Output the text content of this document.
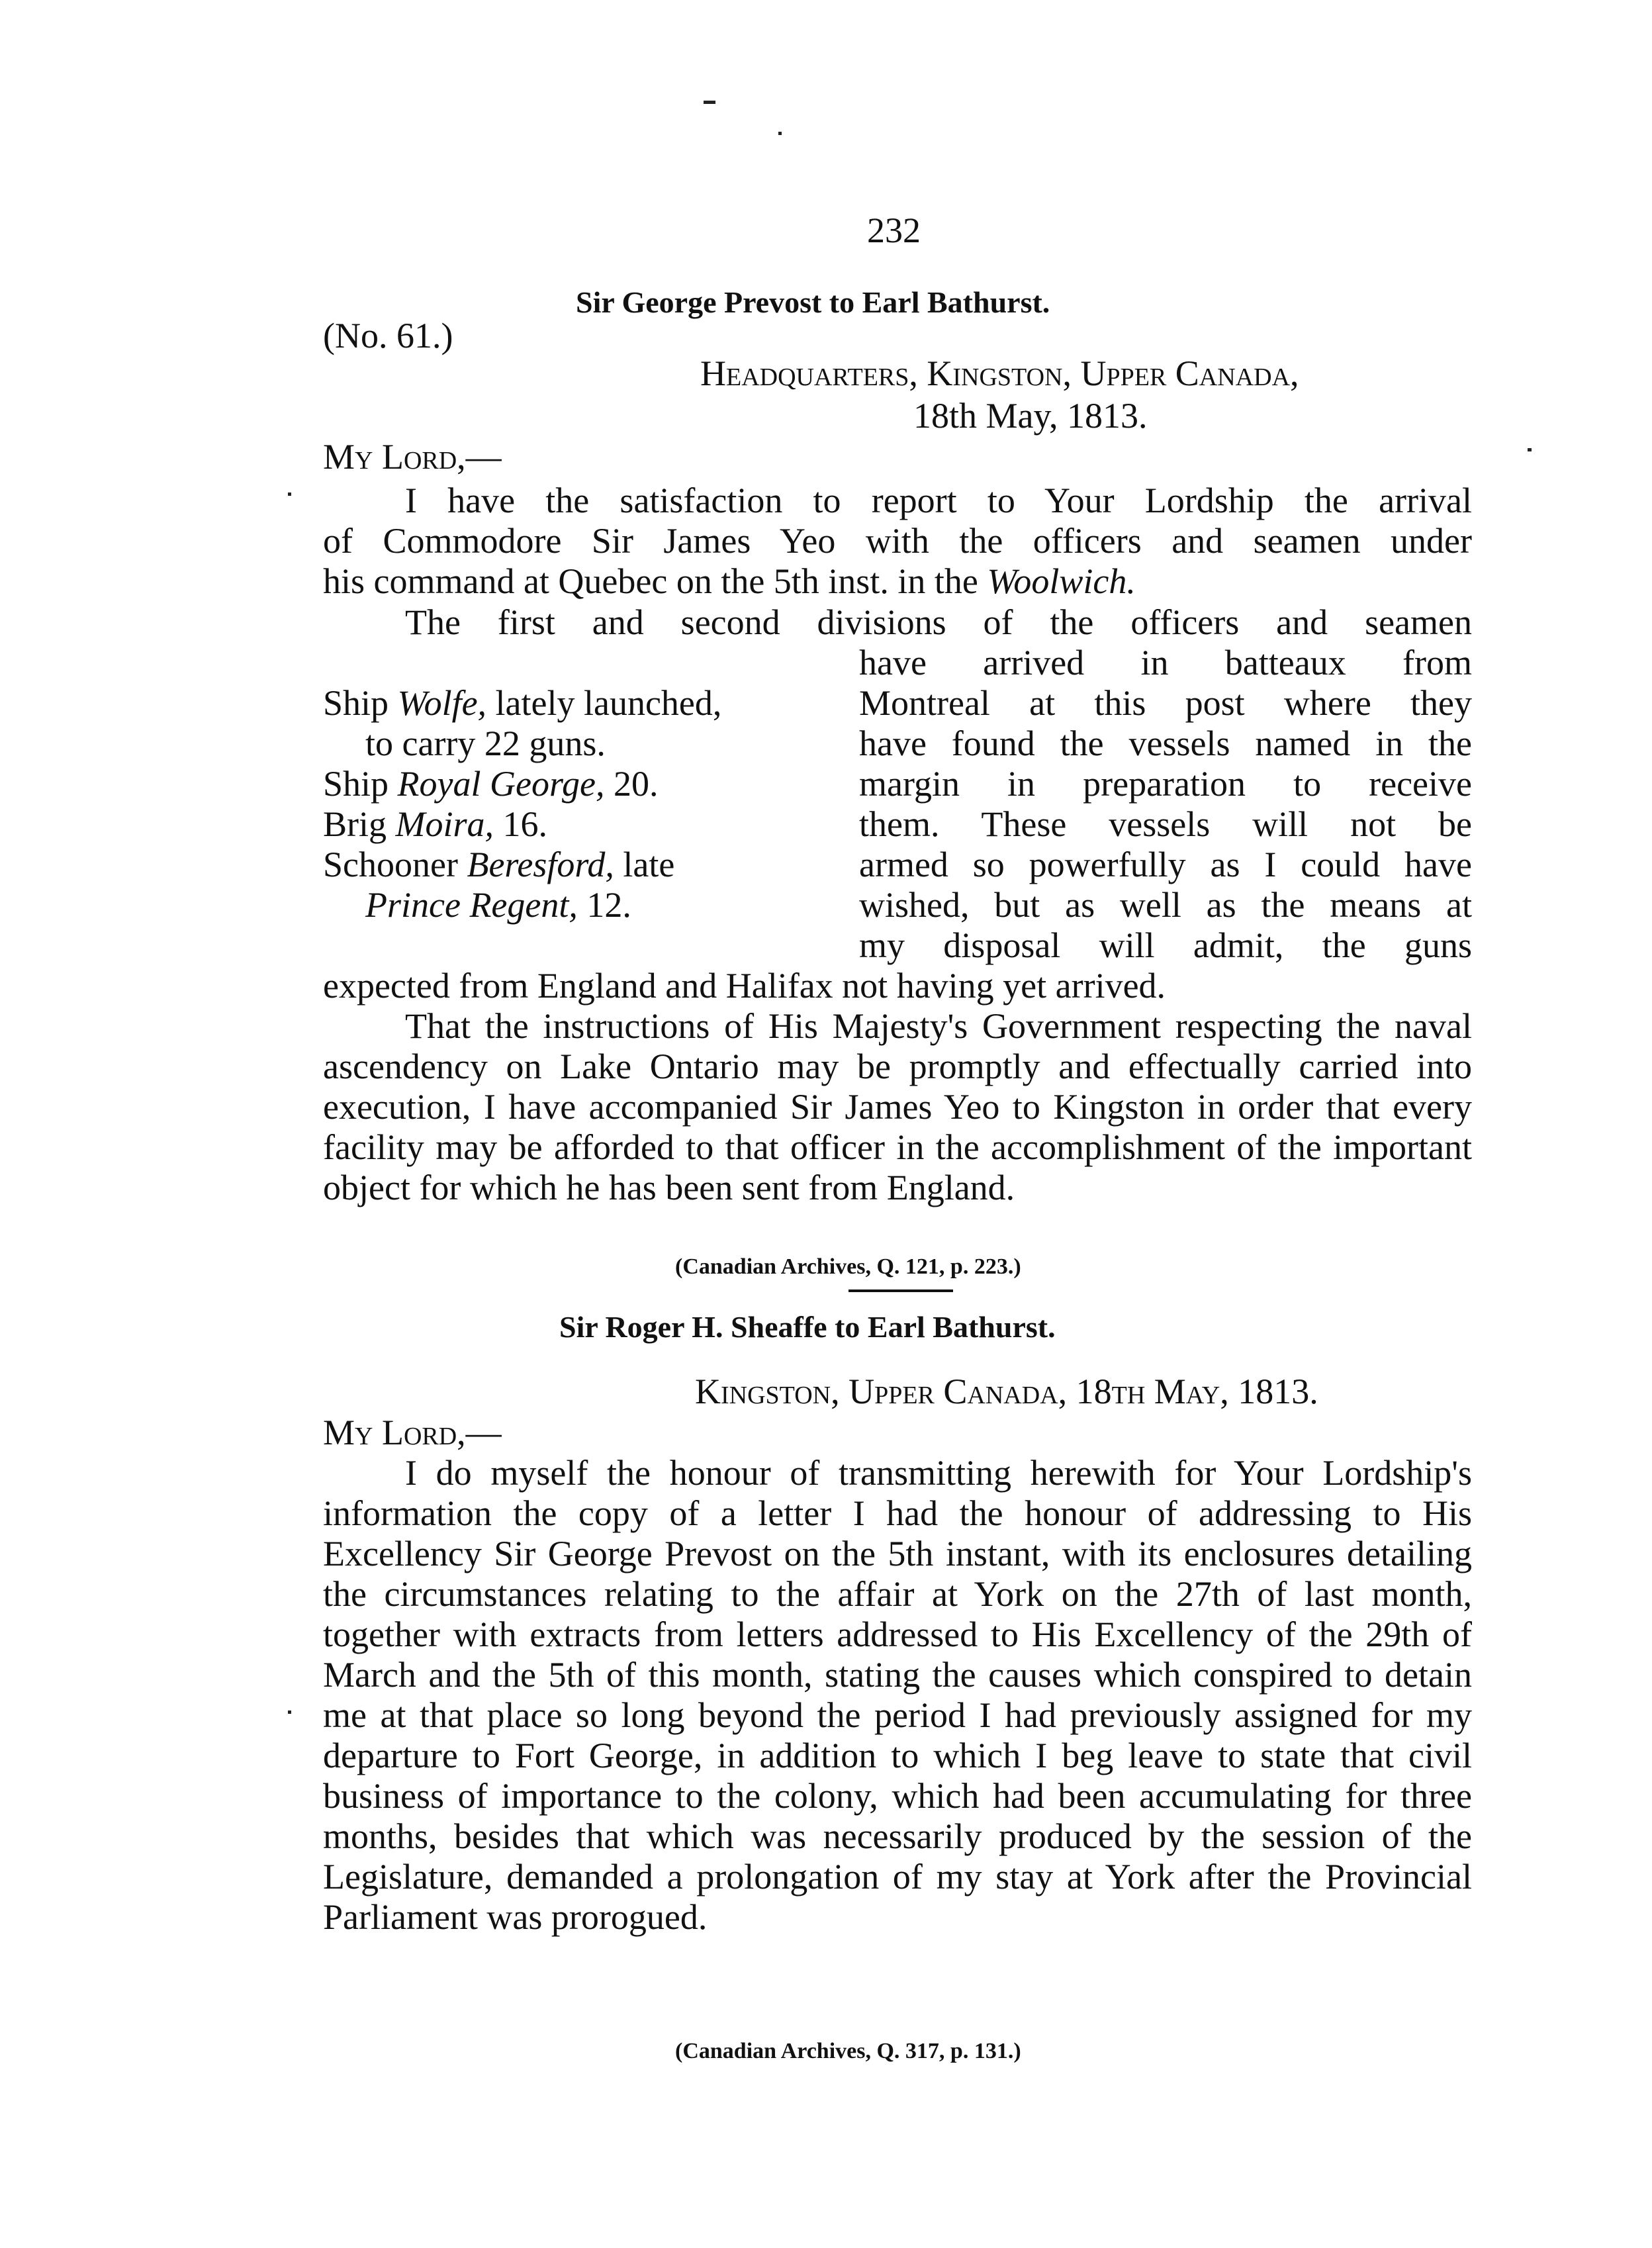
232
(No. 61.)
Sir George Prevost to Earl Bathurst.
Headquarters, Kingston, Upper Canada,
18th May, 1813.
My Lord,—
I have the satisfaction to report to Your Lordship the arrival
of Commodore Sir James Yeo with the officers and seamen under
his command at Quebec on the 5th inst. in the Woolwich.
The first and second divisions of the officers and seamen
have arrived in batteaux from
Montreal at this post where they
have found the vessels named in the
margin in preparation to receive
them. These vessels will not be
armed so powerfully as I could have
wished, but as well as the means at
my disposal will admit, the guns
Ship Wolfe, lately launched,
to carry 22 guns.
Ship Royal George, 20.
Brig Moira, 16.
Schooner Beresford, late
Prince Regent, 12.
expected from England and Halifax not having yet arrived.
That the instructions of His Majesty's Government respecting the naval ascendency on Lake Ontario may be promptly and effectually carried into execution, I have accompanied Sir James Yeo to Kingston in order that every facility may be afforded to that officer in the accomplishment of the important object for which he has been sent from England.
(Canadian Archives, Q. 121, p. 223.)
Sir Roger H. Sheaffe to Earl Bathurst.
Kingston, Upper Canada, 18th May, 1813.
My Lord,—
I do myself the honour of transmitting herewith for Your Lordship's information the copy of a letter I had the honour of addressing to His Excellency Sir George Prevost on the 5th instant, with its enclosures detailing the circumstances relating to the affair at York on the 27th of last month, together with extracts from letters addressed to His Excellency of the 29th of March and the 5th of this month, stating the causes which conspired to detain me at that place so long beyond the period I had previously assigned for my departure to Fort George, in addition to which I beg leave to state that civil business of importance to the colony, which had been accumulating for three months, besides that which was necessarily produced by the session of the Legislature, demanded a prolongation of my stay at York after the Provincial Parliament was prorogued.
(Canadian Archives, Q. 317, p. 131.)
